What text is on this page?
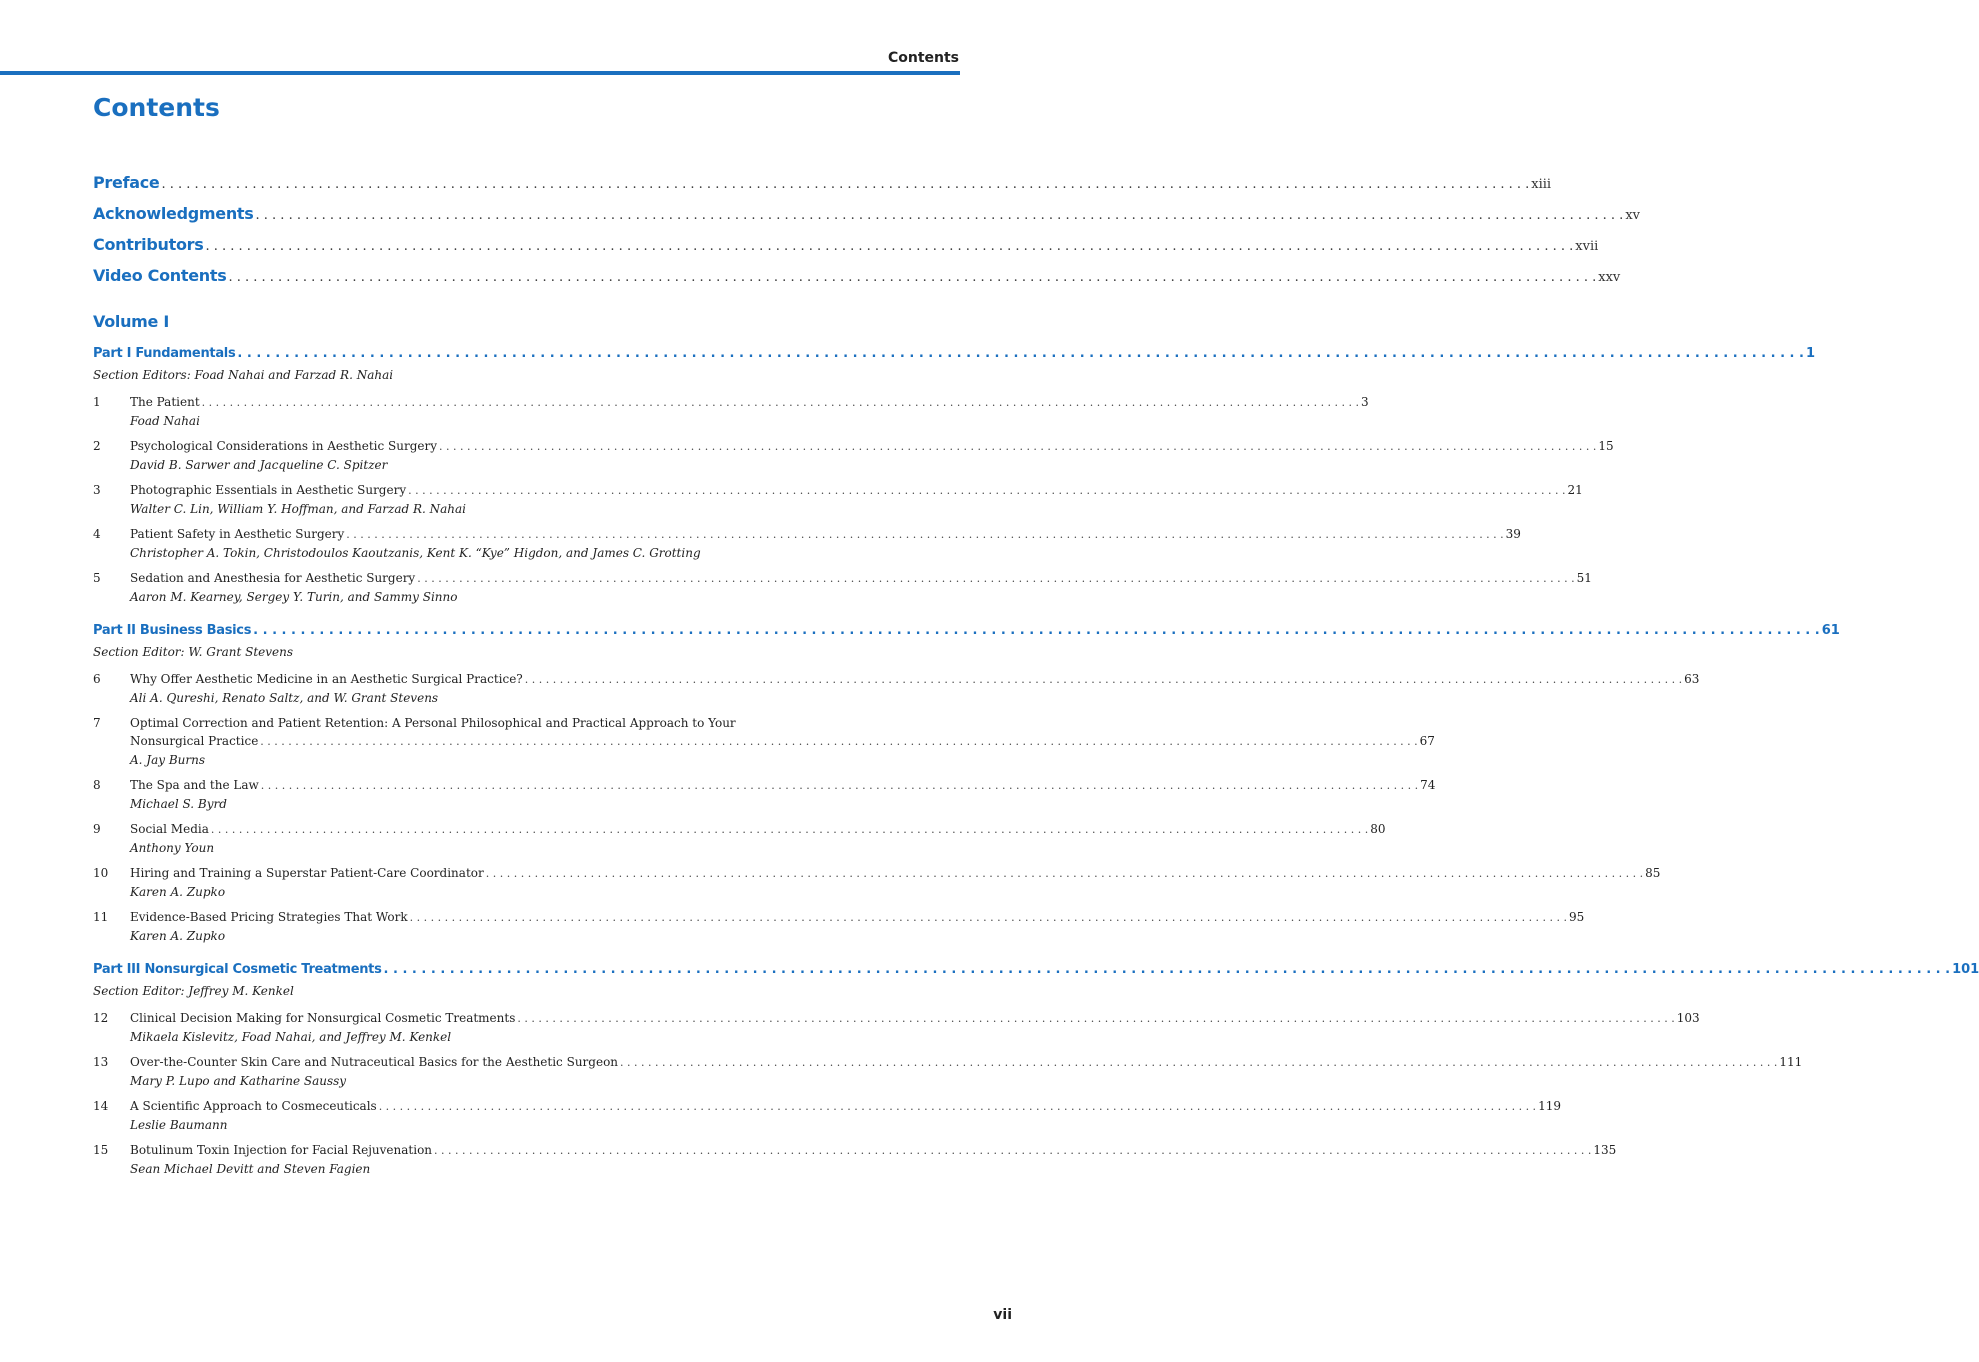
Contents
Contents
Preface . . .	xiii
Acknowledgments . . .	xv
Contributors . . .	xvii
Video Contents . . .	xxv
Volume I
Part I Fundamentals . . .	1
Section Editors: Foad Nahai and Farzad R. Nahai
1	The Patient . . .	3
Foad Nahai
2	Psychological Considerations in Aesthetic Surgery . . .	15
David B. Sarwer and Jacqueline C. Spitzer
3	Photographic Essentials in Aesthetic Surgery . . .	21
Walter C. Lin, William Y. Hoffman, and Farzad R. Nahai
4	Patient Safety in Aesthetic Surgery . . .	39
Christopher A. Tokin, Christodoulos Kaoutzanis, Kent K. “Kye” Higdon, and James C. Grotting
5	Sedation and Anesthesia for Aesthetic Surgery . . .	51
Aaron M. Kearney, Sergey Y. Turin, and Sammy Sinno
Part II Business Basics . . .	61
Section Editor: W. Grant Stevens
6	Why Offer Aesthetic Medicine in an Aesthetic Surgical Practice? . . .	63
Ali A. Qureshi, Renato Saltz, and W. Grant Stevens
7	Optimal Correction and Patient Retention: A Personal Philosophical and Practical Approach to Your
Nonsurgical Practice . . .	67
A. Jay Burns
8	The Spa and the Law . . .	74
Michael S. Byrd
9	Social Media . . .	80
Anthony Youn
10	Hiring and Training a Superstar Patient-Care Coordinator . . .	85
Karen A. Zupko
11	Evidence-Based Pricing Strategies That Work . . .	95
Karen A. Zupko
Part III Nonsurgical Cosmetic Treatments . . .	101
Section Editor: Jeffrey M. Kenkel
12	Clinical Decision Making for Nonsurgical Cosmetic Treatments . . .	103
Mikaela Kislevitz, Foad Nahai, and Jeffrey M. Kenkel
13	Over-the-Counter Skin Care and Nutraceutical Basics for the Aesthetic Surgeon . . .	111
Mary P. Lupo and Katharine Saussy
14	A Scientific Approach to Cosmeceuticals . . .	119
Leslie Baumann
15	Botulinum Toxin Injection for Facial Rejuvenation . . .	135
Sean Michael Devitt and Steven Fagien
vii
